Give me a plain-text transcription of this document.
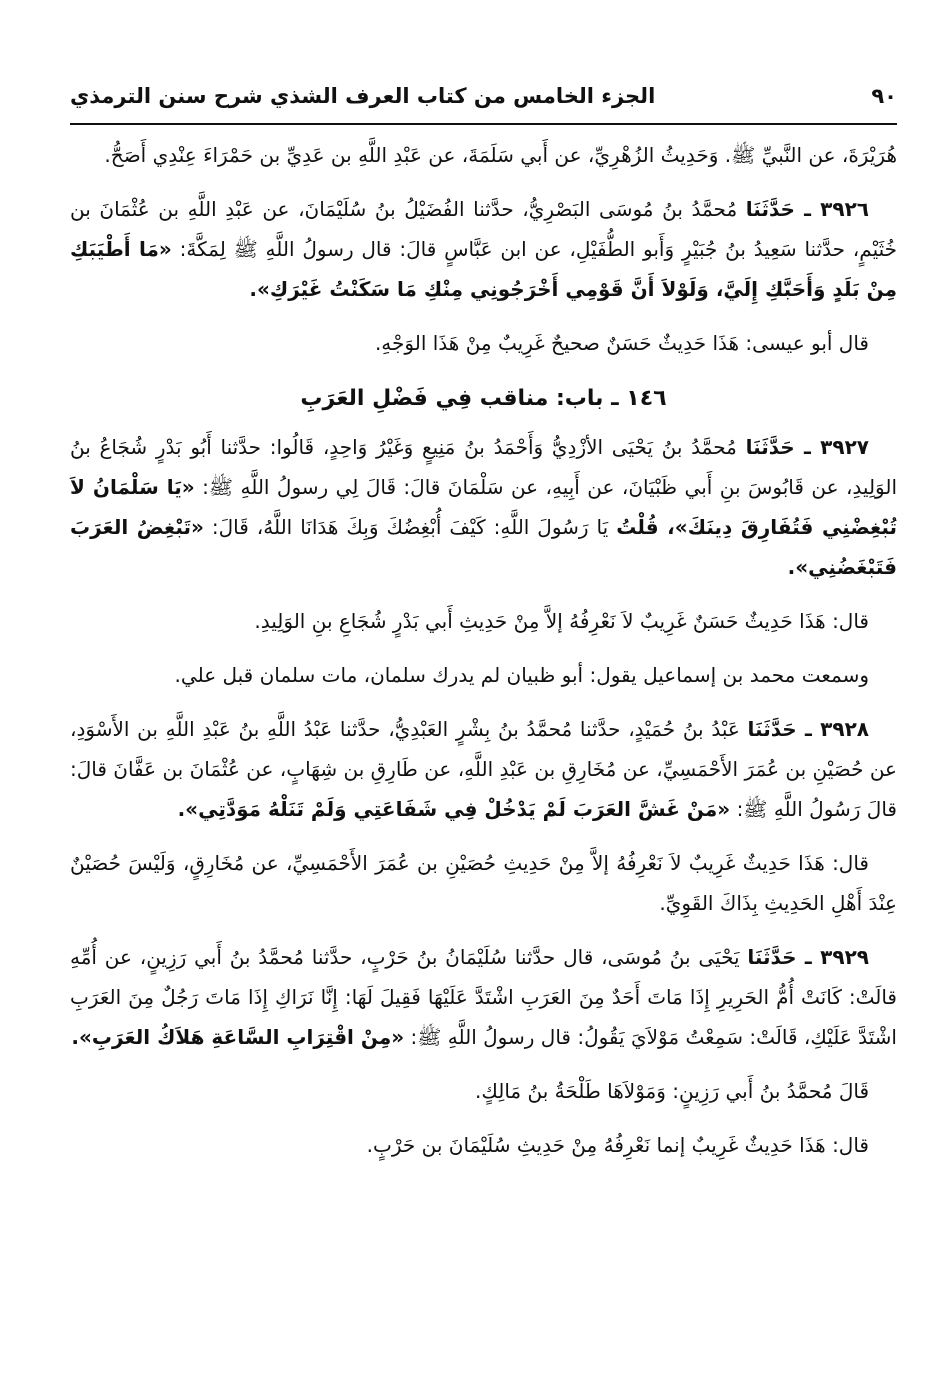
٩٠
الجزء الخامس من كتاب العرف الشذي شرح سنن الترمذي

هُرَيْرَةَ، عن النَّبيِّ ﷺ. وَحَدِيثُ الزُهْرِيِّ، عن أَبي سَلَمَةَ، عن عَبْدِ اللَّهِ بن عَدِيِّ بن حَمْرَاءَ عِنْدِي أَصَحُّ.

٣٩٢٦ ـ حَدَّثَنَا مُحمَّدُ بنُ مُوسَى البَصْرِيُّ، حدَّثنا الفُضَيْلُ بنُ سُلَيْمَانَ، عن عَبْدِ اللَّهِ بن عُثْمَانَ بن خُثَيْمٍ، حدَّثنا سَعِيدُ بنُ جُبَيْرٍ وَأَبو الطُّفَيْلِ، عن ابن عَبَّاسٍ قالَ: قال رسولُ اللَّهِ ﷺ لِمَكَّةَ: «مَا أَطْيَبَكِ مِنْ بَلَدٍ وَأَحَبَّكِ إِلَيَّ، وَلَوْلاَ أَنَّ قَوْمِي أَخْرَجُونِي مِنْكِ مَا سَكَنْتُ غَيْرَكِ».

قال أبو عيسى: هَذَا حَدِيثٌ حَسَنٌ صحيحٌ غَرِيبٌ مِنْ هَذَا الوَجْهِ.

١٤٦ ـ باب: مناقب فِي فَضْلِ العَرَبِ

٣٩٢٧ ـ حَدَّثَنَا مُحمَّدُ بنُ يَحْيَى الأزْدِيُّ وَأَحْمَدُ بنُ مَنِيعٍ وَغَيْرُ وَاحِدٍ، قَالُوا: حدَّثنا أَبُو بَدْرٍ شُجَاعُ بنُ الوَلِيدِ، عن قَابُوسَ بنِ أَبي ظَبْيَانَ، عن أَبِيهِ، عن سَلْمَانَ قالَ: قَالَ لِي رسولُ اللَّهِ ﷺ: «يَا سَلْمَانُ لاَ تُبْغِضْنِي فَتُفَارِقَ دِينَكَ»، قُلْتُ يَا رَسُولَ اللَّهِ: كَيْفَ أُبْغِضُكَ وَبِكَ هَدَانَا اللَّهُ، قَالَ: «تَبْغِضُ العَرَبَ فَتَبْغَضُنِي».

قال: هَذَا حَدِيثٌ حَسَنٌ غَرِيبٌ لاَ نَعْرِفُهُ إلاَّ مِنْ حَدِيثِ أَبي بَدْرٍ شُجَاعِ بنِ الوَلِيدِ.

وسمعت محمد بن إسماعيل يقول: أبو ظبيان لم يدرك سلمان، مات سلمان قبل علي.

٣٩٢٨ ـ حَدَّثَنَا عَبْدُ بنُ حُمَيْدٍ، حدَّثنا مُحمَّدُ بنُ بِشْرٍ العَبْدِيُّ، حدَّثنا عَبْدُ اللَّهِ بنُ عَبْدِ اللَّهِ بن الأَسْوَدِ، عن حُصَيْنِ بن عُمَرَ الأَحْمَسِيِّ، عن مُخَارِقِ بن عَبْدِ اللَّهِ، عن طَارِقِ بن شِهَابٍ، عن عُثْمَانَ بن عَفَّانَ قالَ: قالَ رَسُولُ اللَّهِ ﷺ: «مَنْ غَشَّ العَرَبَ لَمْ يَدْخُلْ فِي شَفَاعَتِي وَلَمْ تَنَلْهُ مَوَدَّتِي».

قال: هَذَا حَدِيثٌ غَرِيبٌ لاَ نَعْرِفُهُ إلاَّ مِنْ حَدِيثِ حُصَيْنِ بن عُمَرَ الأَحْمَسِيِّ، عن مُخَارِقٍ، وَلَيْسَ حُصَيْنٌ عِنْدَ أَهْلِ الحَدِيثِ بِذَاكَ القَوِيِّ.

٣٩٢٩ ـ حَدَّثَنَا يَحْيَى بنُ مُوسَى، قال حدَّثنا سُلَيْمَانُ بنُ حَرْبٍ، حدَّثنا مُحمَّدُ بنُ أَبي رَزِينٍ، عن أُمِّهِ قالَتْ: كَانَتْ أُمُّ الحَرِيرِ إِذَا مَاتَ أَحَدٌ مِنَ العَرَبِ اشْتَدَّ عَلَيْهَا فَقِيلَ لَهَا: إِنَّا نَرَاكِ إِذَا مَاتَ رَجُلٌ مِنَ العَرَبِ اشْتَدَّ عَلَيْكِ، قَالَتْ: سَمِعْتُ مَوْلاَيَ يَقُولُ: قال رسولُ اللَّهِ ﷺ: «مِنْ اقْتِرَابِ السَّاعَةِ هَلاَكُ العَرَبِ».

قَالَ مُحمَّدُ بنُ أَبي رَزِينٍ: وَمَوْلاَهَا طَلْحَةُ بنُ مَالِكٍ.

قال: هَذَا حَدِيثٌ غَرِيبٌ إنما نَعْرِفُهُ مِنْ حَدِيثِ سُلَيْمَانَ بن حَرْبٍ.
